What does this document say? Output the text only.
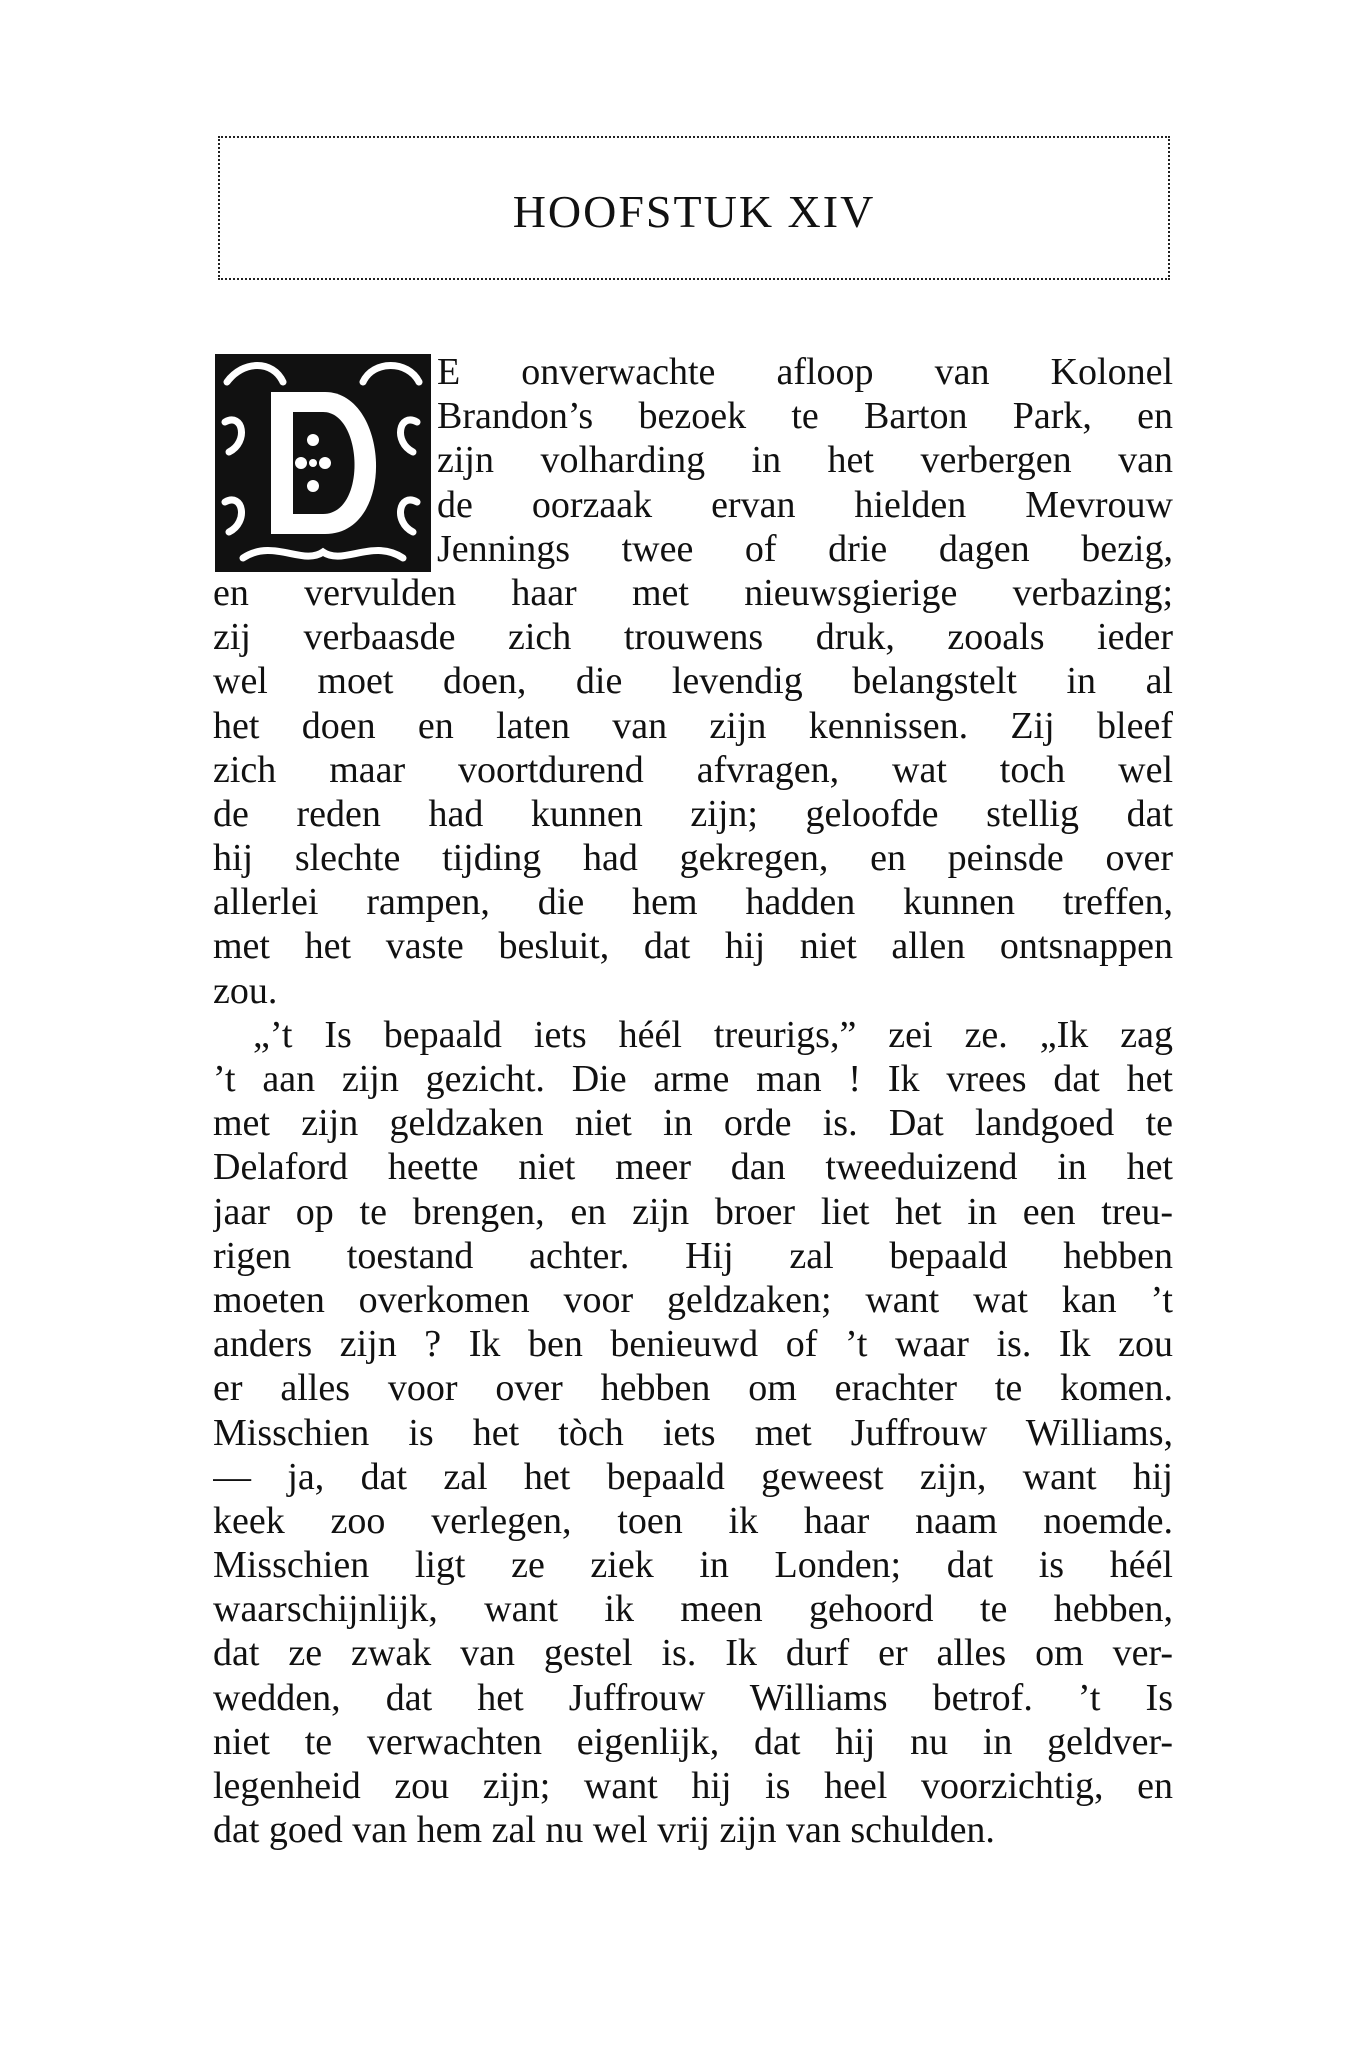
HOOFSTUK XIV
E onverwachte afloop van Kolonel
Brandon’s bezoek te Barton Park, en
zijn volharding in het verbergen van
de oorzaak ervan hielden Mevrouw
Jennings twee of drie dagen bezig,
en vervulden haar met nieuwsgierige verbazing;
zij verbaasde zich trouwens druk, zooals ieder
wel moet doen, die levendig belangstelt in al
het doen en laten van zijn kennissen. Zij bleef
zich maar voortdurend afvragen, wat toch wel
de reden had kunnen zijn; geloofde stellig dat
hij slechte tijding had gekregen, en peinsde over
allerlei rampen, die hem hadden kunnen treffen,
met het vaste besluit, dat hij niet allen ontsnappen
zou.
„’t Is bepaald iets héél treurigs,” zei ze. „Ik zag
’t aan zijn gezicht. Die arme man ! Ik vrees dat het
met zijn geldzaken niet in orde is. Dat landgoed te
Delaford heette niet meer dan tweeduizend in het
jaar op te brengen, en zijn broer liet het in een treu-
rigen toestand achter. Hij zal bepaald hebben
moeten overkomen voor geldzaken; want wat kan ’t
anders zijn ? Ik ben benieuwd of ’t waar is. Ik zou
er alles voor over hebben om erachter te komen.
Misschien is het tòch iets met Juffrouw Williams,
— ja, dat zal het bepaald geweest zijn, want hij
keek zoo verlegen, toen ik haar naam noemde.
Misschien ligt ze ziek in Londen; dat is héél
waarschijnlijk, want ik meen gehoord te hebben,
dat ze zwak van gestel is. Ik durf er alles om ver-
wedden, dat het Juffrouw Williams betrof. ’t Is
niet te verwachten eigenlijk, dat hij nu in geldver-
legenheid zou zijn; want hij is heel voorzichtig, en
dat goed van hem zal nu wel vrij zijn van schulden.
